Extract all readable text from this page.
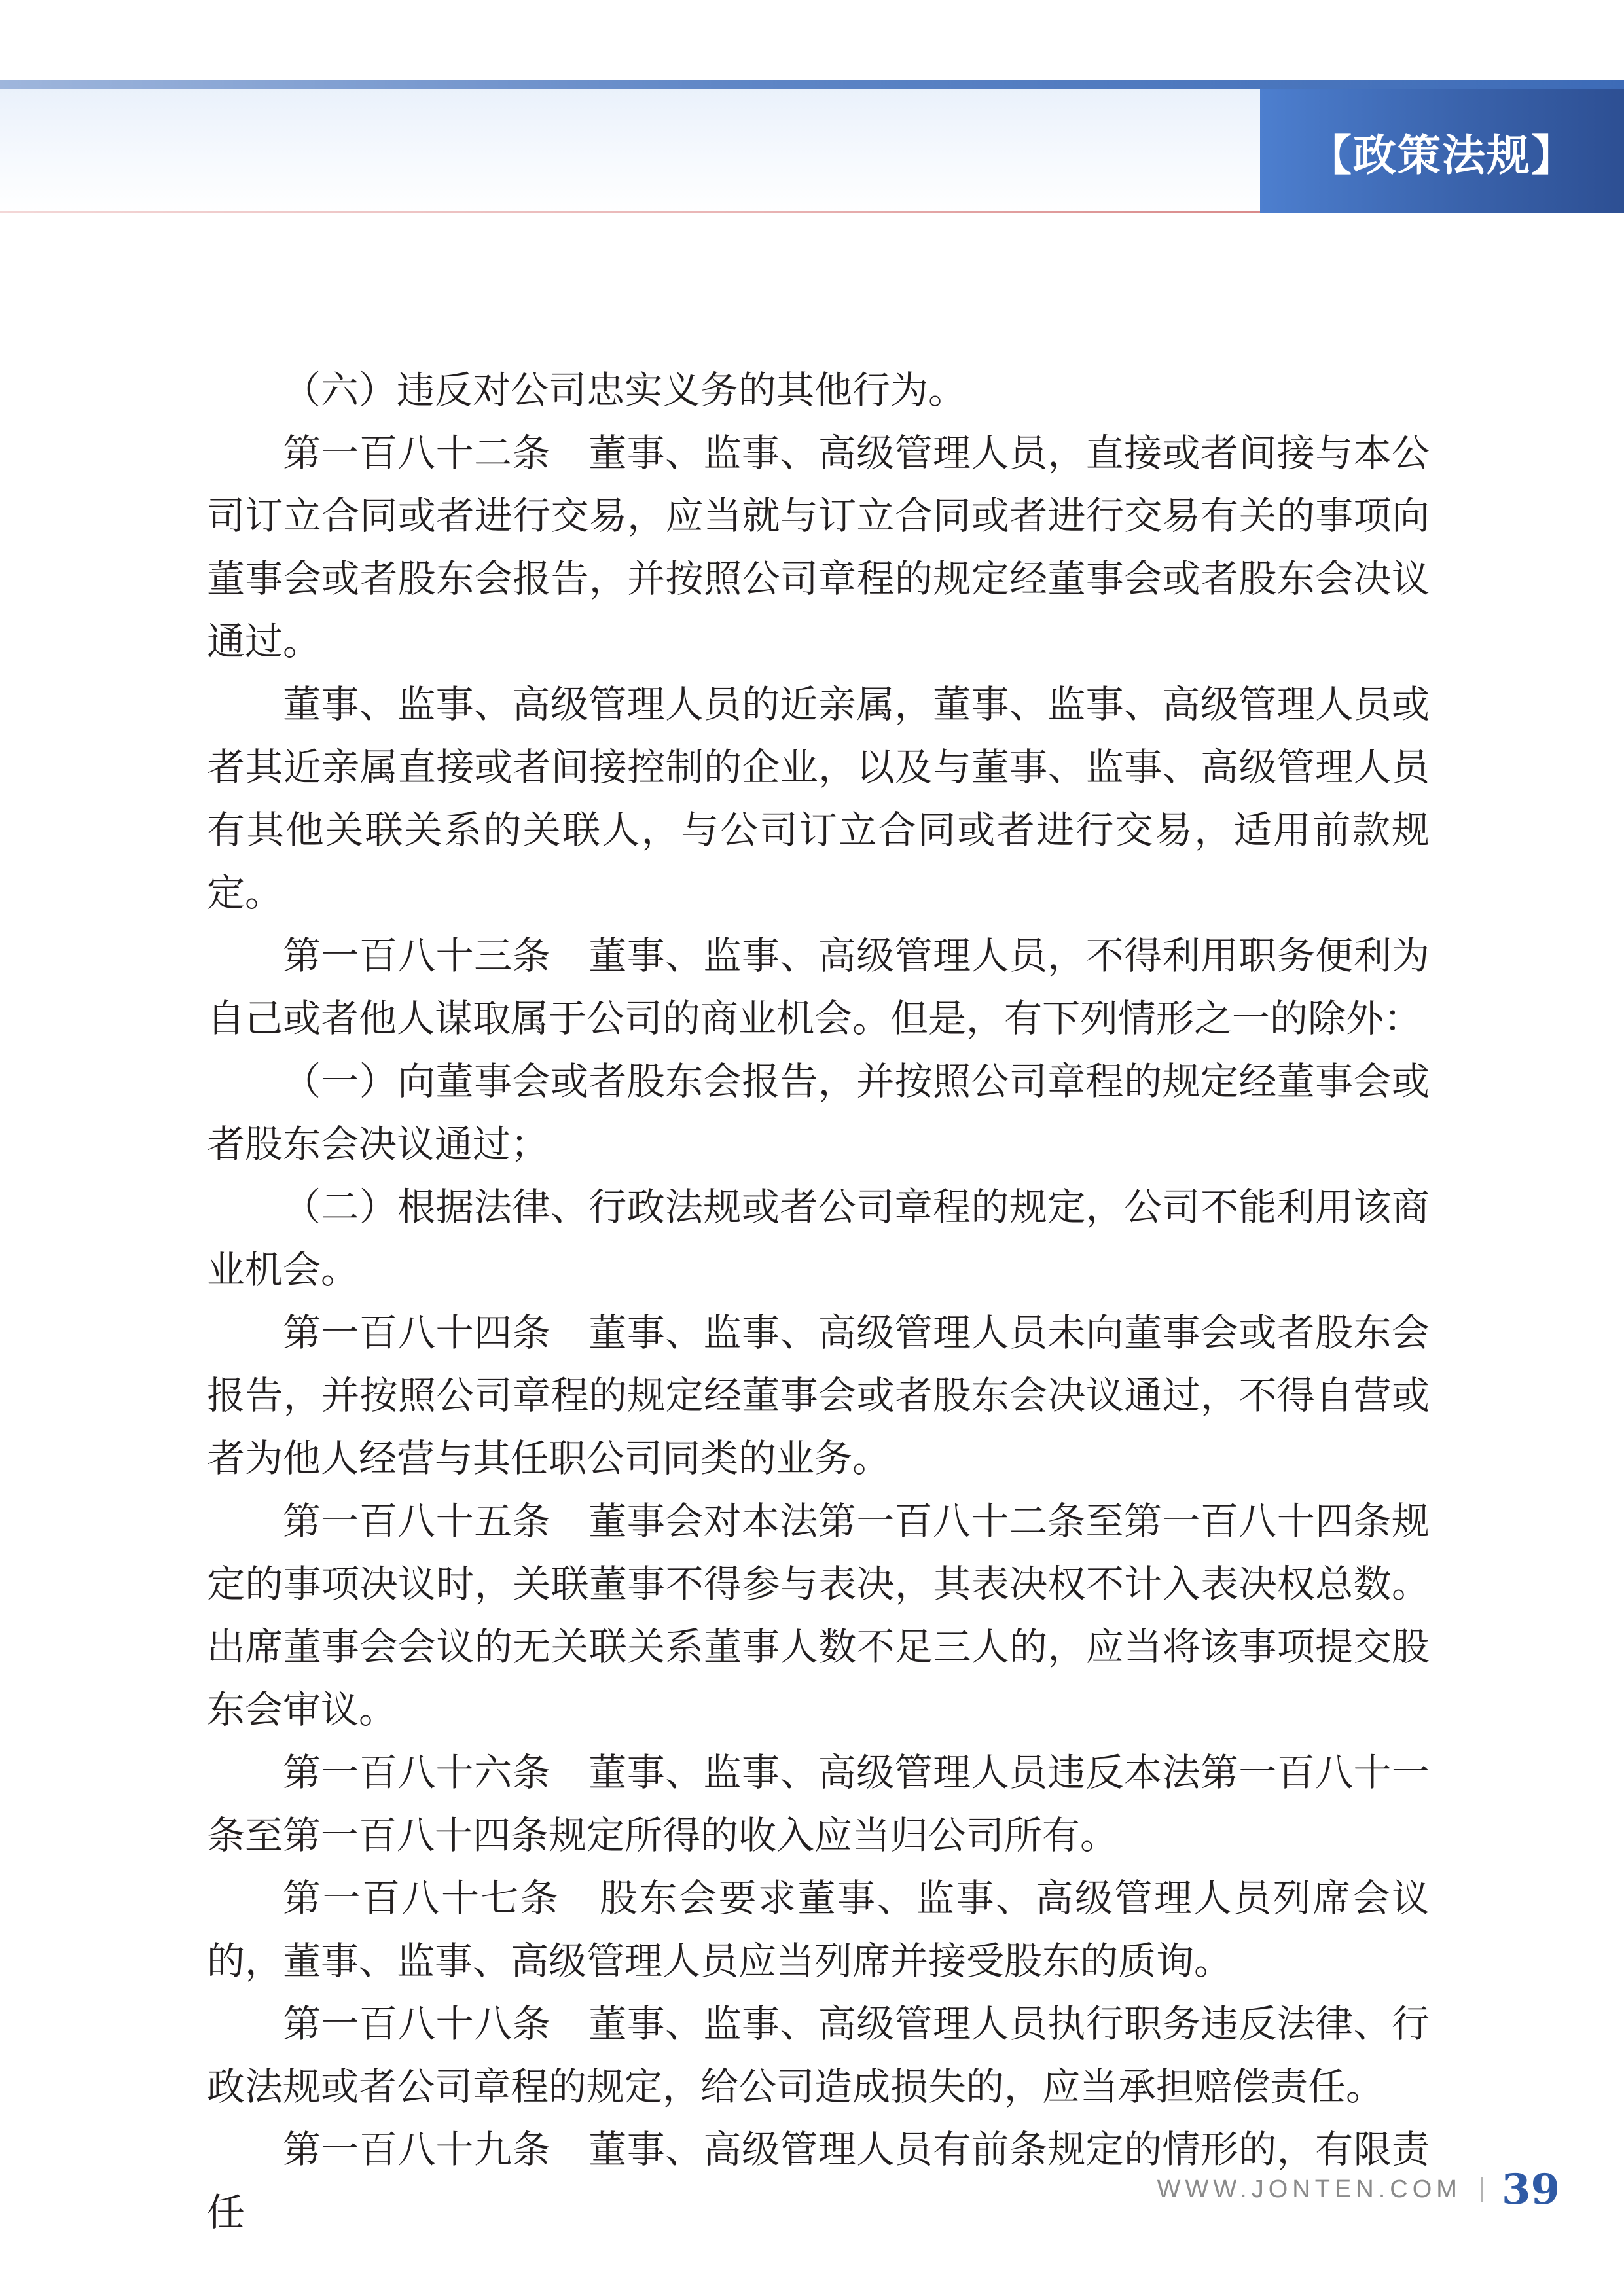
【政策法规】

（六）违反对公司忠实义务的其他行为。

第一百八十二条　董事、监事、高级管理人员，直接或者间接与本公司订立合同或者进行交易，应当就与订立合同或者进行交易有关的事项向董事会或者股东会报告，并按照公司章程的规定经董事会或者股东会决议通过。

董事、监事、高级管理人员的近亲属，董事、监事、高级管理人员或者其近亲属直接或者间接控制的企业，以及与董事、监事、高级管理人员有其他关联关系的关联人，与公司订立合同或者进行交易，适用前款规定。

第一百八十三条　董事、监事、高级管理人员，不得利用职务便利为自己或者他人谋取属于公司的商业机会。但是，有下列情形之一的除外：

（一）向董事会或者股东会报告，并按照公司章程的规定经董事会或者股东会决议通过；

（二）根据法律、行政法规或者公司章程的规定，公司不能利用该商业机会。

第一百八十四条　董事、监事、高级管理人员未向董事会或者股东会报告，并按照公司章程的规定经董事会或者股东会决议通过，不得自营或者为他人经营与其任职公司同类的业务。

第一百八十五条　董事会对本法第一百八十二条至第一百八十四条规定的事项决议时，关联董事不得参与表决，其表决权不计入表决权总数。出席董事会会议的无关联关系董事人数不足三人的，应当将该事项提交股东会审议。

第一百八十六条　董事、监事、高级管理人员违反本法第一百八十一条至第一百八十四条规定所得的收入应当归公司所有。

第一百八十七条　股东会要求董事、监事、高级管理人员列席会议的，董事、监事、高级管理人员应当列席并接受股东的质询。

第一百八十八条　董事、监事、高级管理人员执行职务违反法律、行政法规或者公司章程的规定，给公司造成损失的，应当承担赔偿责任。

第一百八十九条　董事、高级管理人员有前条规定的情形的，有限责任

WWW.JONTEN.COM 39
